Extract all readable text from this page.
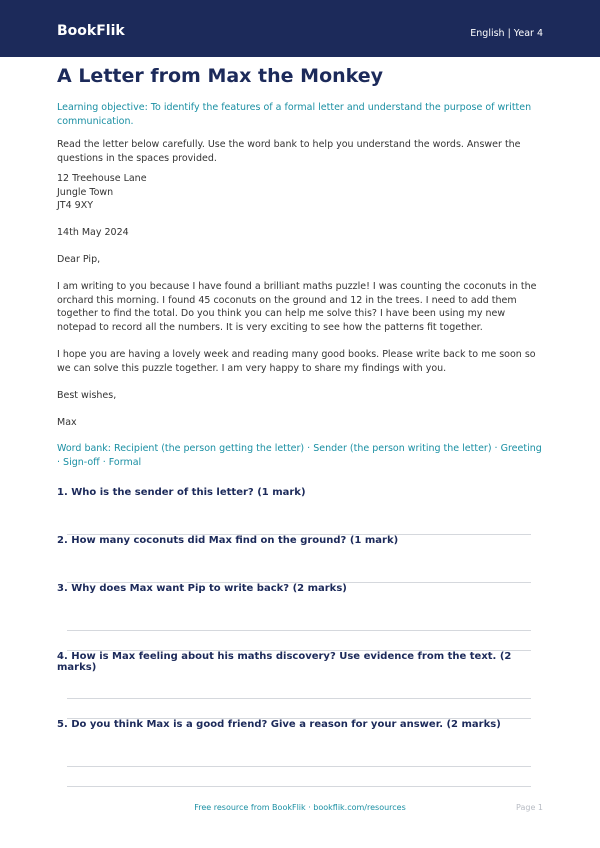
BookFlik	English | Year 4
A Letter from Max the Monkey

Learning objective: To identify the features of a formal letter and understand the purpose of written communication.

Read the letter below carefully. Use the word bank to help you understand the words. Answer the questions in the spaces provided.

12 Treehouse Lane
Jungle Town
JT4 9XY

14th May 2024

Dear Pip,

I am writing to you because I have found a brilliant maths puzzle! I was counting the coconuts in the orchard this morning. I found 45 coconuts on the ground and 12 in the trees. I need to add them together to find the total. Do you think you can help me solve this? I have been using my new notepad to record all the numbers. It is very exciting to see how the patterns fit together.

I hope you are having a lovely week and reading many good books. Please write back to me soon so we can solve this puzzle together. I am very happy to share my findings with you.

Best wishes,

Max

Word bank: Recipient (the person getting the letter) · Sender (the person writing the letter) · Greeting · Sign-off · Formal

1. Who is the sender of this letter? (1 mark)

2. How many coconuts did Max find on the ground? (1 mark)

3. Why does Max want Pip to write back? (2 marks)

4. How is Max feeling about his maths discovery? Use evidence from the text. (2 marks)

5. Do you think Max is a good friend? Give a reason for your answer. (2 marks)

Free resource from BookFlik · bookflik.com/resources	Page 1
